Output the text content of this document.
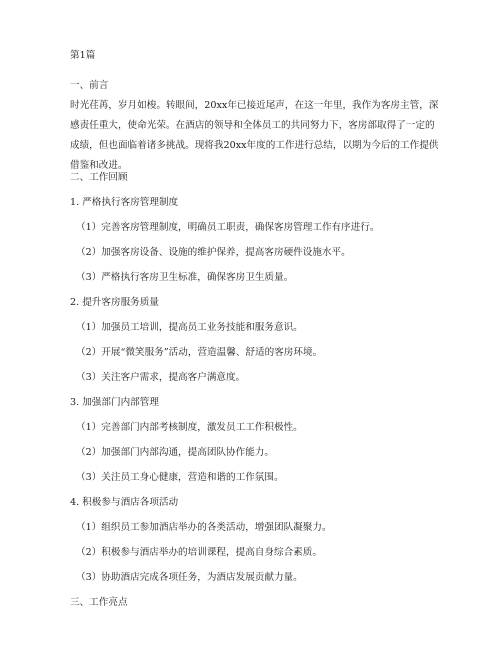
第1篇
一、前言
时光荏苒，岁月如梭。转眼间，20xx年已接近尾声，在这一年里，我作为客房主管，深感责任重大，使命光荣。在酒店的领导和全体员工的共同努力下，客房部取得了一定的成绩，但也面临着诸多挑战。现将我20xx年度的工作进行总结，以期为今后的工作提供借鉴和改进。
二、工作回顾
1. 严格执行客房管理制度
（1）完善客房管理制度，明确员工职责，确保客房管理工作有序进行。
（2）加强客房设备、设施的维护保养，提高客房硬件设施水平。
（3）严格执行客房卫生标准，确保客房卫生质量。
2. 提升客房服务质量
（1）加强员工培训，提高员工业务技能和服务意识。
（2）开展“微笑服务”活动，营造温馨、舒适的客房环境。
（3）关注客户需求，提高客户满意度。
3. 加强部门内部管理
（1）完善部门内部考核制度，激发员工工作积极性。
（2）加强部门内部沟通，提高团队协作能力。
（3）关注员工身心健康，营造和谐的工作氛围。
4. 积极参与酒店各项活动
（1）组织员工参加酒店举办的各类活动，增强团队凝聚力。
（2）积极参与酒店举办的培训课程，提高自身综合素质。
（3）协助酒店完成各项任务，为酒店发展贡献力量。
三、工作亮点
